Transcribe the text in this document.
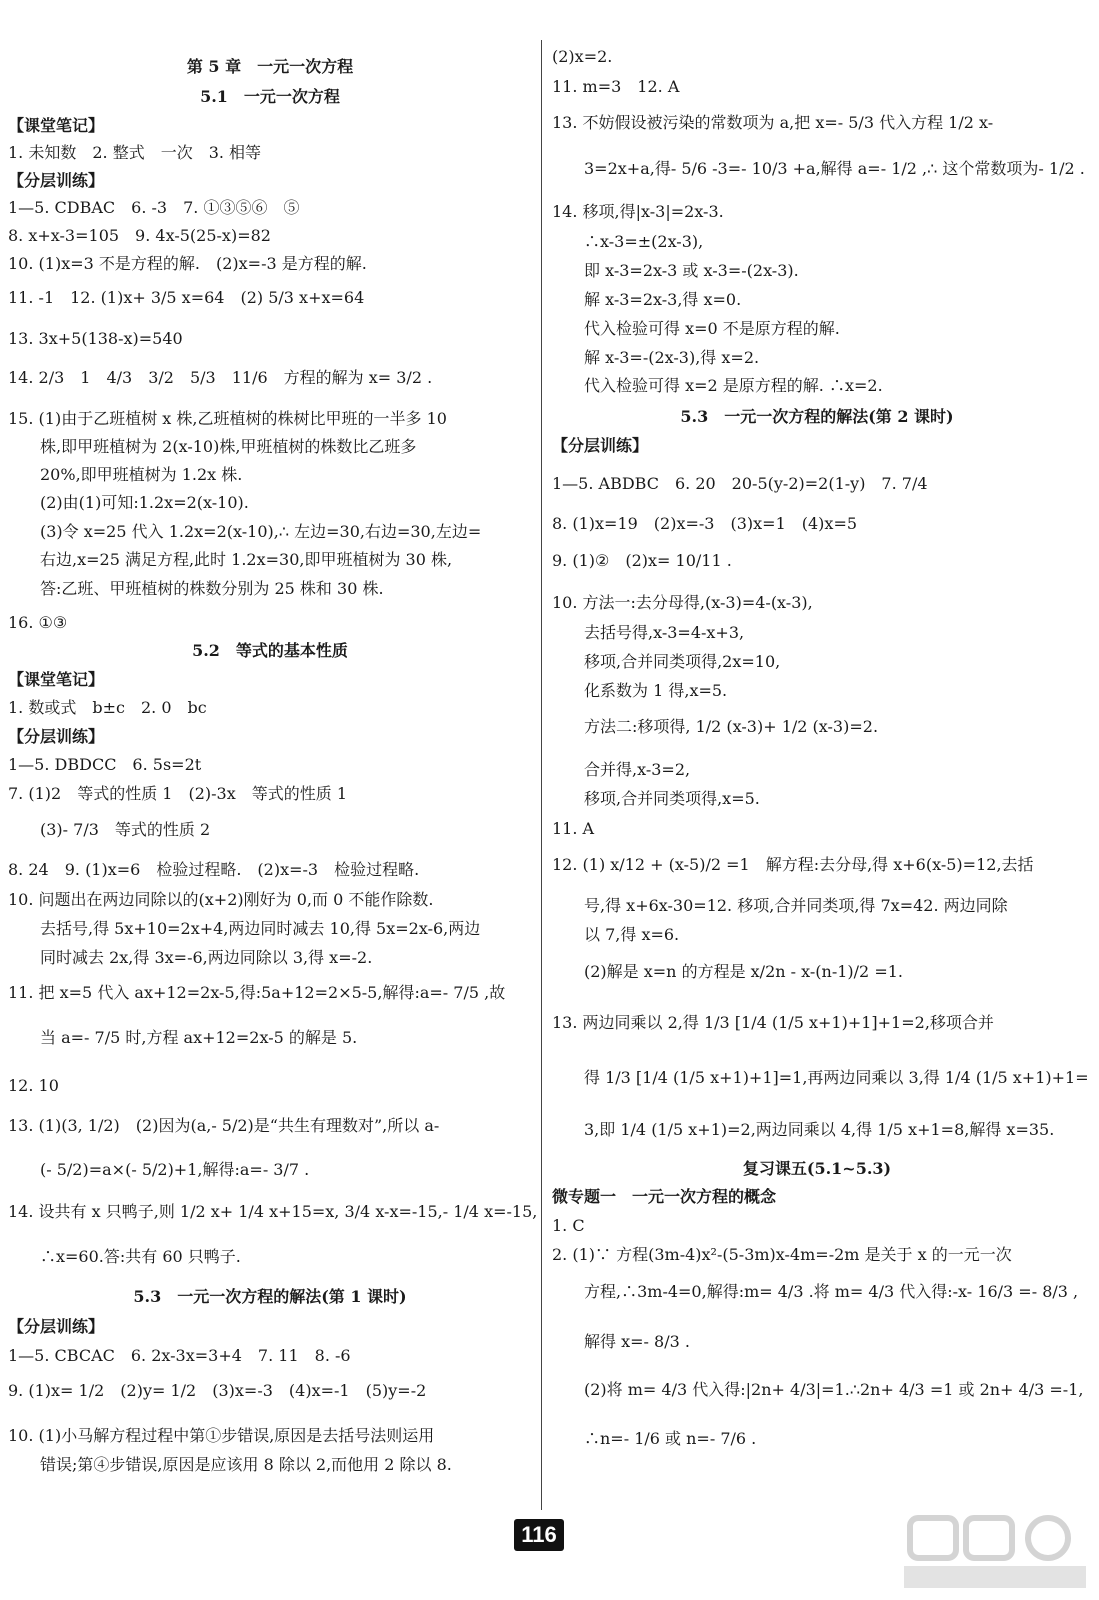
第 5 章　一元一次方程
5.1　一元一次方程
【课堂笔记】
1. 未知数　2. 整式　一次　3. 相等
【分层训练】
1—5. CDBAC　6. -3　7. ①③⑤⑥　⑤
8. x+x-3=105　9. 4x-5(25-x)=82
10. (1)x=3 不是方程的解.　(2)x=-3 是方程的解.
11. -1　12. (1)x+ 3/5 x=64　(2) 5/3 x+x=64
13. 3x+5(138-x)=540
14. 2/3　1　4/3　3/2　5/3　11/6　方程的解为 x= 3/2 .
15. (1)由于乙班植树 x 株,乙班植树的株树比甲班的一半多 10
　　株,即甲班植树为 2(x-10)株,甲班植树的株数比乙班多
　　20%,即甲班植树为 1.2x 株.
　　(2)由(1)可知:1.2x=2(x-10).
　　(3)令 x=25 代入 1.2x=2(x-10),∴ 左边=30,右边=30,左边=
　　右边,x=25 满足方程,此时 1.2x=30,即甲班植树为 30 株,
　　答:乙班、甲班植树的株数分别为 25 株和 30 株.
16. ①③
5.2　等式的基本性质
【课堂笔记】
1. 数或式　b±c　2. 0　bc
【分层训练】
1—5. DBDCC　6. 5s=2t
7. (1)2　等式的性质 1　(2)-3x　等式的性质 1
　　(3)- 7/3　等式的性质 2
8. 24　9. (1)x=6　检验过程略.　(2)x=-3　检验过程略.
10. 问题出在两边同除以的(x+2)刚好为 0,而 0 不能作除数.
　　去括号,得 5x+10=2x+4,两边同时减去 10,得 5x=2x-6,两边
　　同时减去 2x,得 3x=-6,两边同除以 3,得 x=-2.
11. 把 x=5 代入 ax+12=2x-5,得:5a+12=2×5-5,解得:a=- 7/5 ,故
　　当 a=- 7/5 时,方程 ax+12=2x-5 的解是 5.
12. 10
13. (1)(3, 1/2)　(2)因为(a,- 5/2)是“共生有理数对”,所以 a-
　　(- 5/2)=a×(- 5/2)+1,解得:a=- 3/7 .
14. 设共有 x 只鸭子,则 1/2 x+ 1/4 x+15=x, 3/4 x-x=-15,- 1/4 x=-15,
　　∴x=60.答:共有 60 只鸭子.
5.3　一元一次方程的解法(第 1 课时)
【分层训练】
1—5. CBCAC　6. 2x-3x=3+4　7. 11　8. -6
9. (1)x= 1/2　(2)y= 1/2　(3)x=-3　(4)x=-1　(5)y=-2
10. (1)小马解方程过程中第①步错误,原因是去括号法则运用
　　错误;第④步错误,原因是应该用 8 除以 2,而他用 2 除以 8.
(2)x=2.
11. m=3　12. A
13. 不妨假设被污染的常数项为 a,把 x=- 5/3 代入方程 1/2 x-
　　3=2x+a,得- 5/6 -3=- 10/3 +a,解得 a=- 1/2 ,∴ 这个常数项为- 1/2 .
14. 移项,得|x-3|=2x-3.
　　∴x-3=±(2x-3),
　　即 x-3=2x-3 或 x-3=-(2x-3).
　　解 x-3=2x-3,得 x=0.
　　代入检验可得 x=0 不是原方程的解.
　　解 x-3=-(2x-3),得 x=2.
　　代入检验可得 x=2 是原方程的解. ∴x=2.
5.3　一元一次方程的解法(第 2 课时)
【分层训练】
1—5. ABDBC　6. 20　20-5(y-2)=2(1-y)　7. 7/4
8. (1)x=19　(2)x=-3　(3)x=1　(4)x=5
9. (1)②　(2)x= 10/11 .
10. 方法一:去分母得,(x-3)=4-(x-3),
　　去括号得,x-3=4-x+3,
　　移项,合并同类项得,2x=10,
　　化系数为 1 得,x=5.
　　方法二:移项得, 1/2 (x-3)+ 1/2 (x-3)=2.
　　合并得,x-3=2,
　　移项,合并同类项得,x=5.
11. A
12. (1) x/12 + (x-5)/2 =1　解方程:去分母,得 x+6(x-5)=12,去括
　　号,得 x+6x-30=12. 移项,合并同类项,得 7x=42. 两边同除
　　以 7,得 x=6.
　　(2)解是 x=n 的方程是 x/2n - x-(n-1)/2 =1.
13. 两边同乘以 2,得 1/3 [1/4 (1/5 x+1)+1]+1=2,移项合并
　　得 1/3 [1/4 (1/5 x+1)+1]=1,再两边同乘以 3,得 1/4 (1/5 x+1)+1=
　　3,即 1/4 (1/5 x+1)=2,两边同乘以 4,得 1/5 x+1=8,解得 x=35.
复习课五(5.1~5.3)
微专题一　一元一次方程的概念
1. C
2. (1)∵ 方程(3m-4)x²-(5-3m)x-4m=-2m 是关于 x 的一元一次
　　方程,∴3m-4=0,解得:m= 4/3 .将 m= 4/3 代入得:-x- 16/3 =- 8/3 ,
　　解得 x=- 8/3 .
　　(2)将 m= 4/3 代入得:|2n+ 4/3|=1.∴2n+ 4/3 =1 或 2n+ 4/3 =-1,
　　∴n=- 1/6 或 n=- 7/6 .
116
